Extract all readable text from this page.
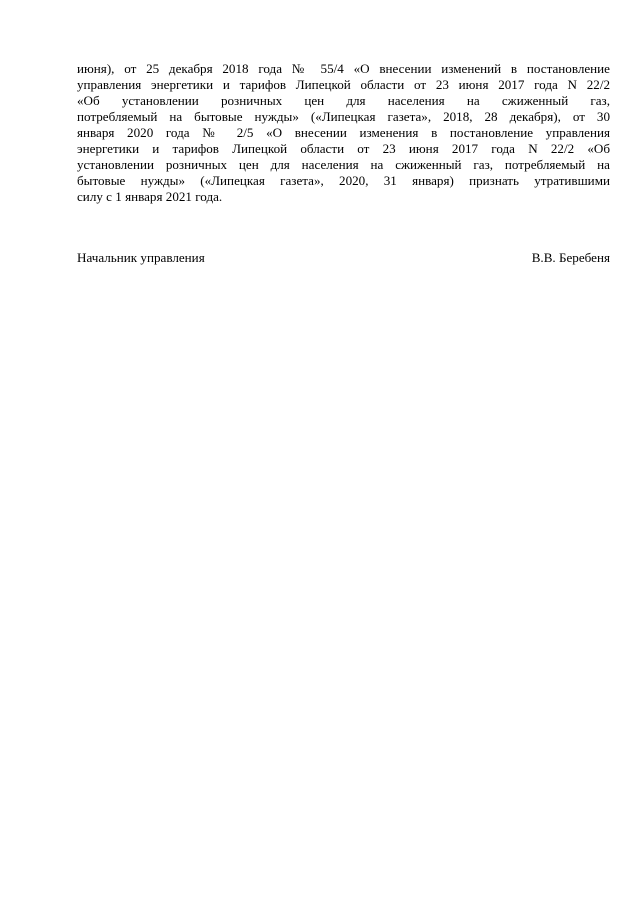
июня), от 25 декабря 2018 года № 55/4 «О внесении изменений в постановление
управления энергетики и тарифов Липецкой области от 23 июня 2017 года N 22/2
«Об установлении розничных цен для населения на сжиженный газ,
потребляемый на бытовые нужды» («Липецкая газета», 2018, 28 декабря), от 30
января 2020 года № 2/5 «О внесении изменения в постановление управления
энергетики и тарифов Липецкой области от 23 июня 2017 года N 22/2 «Об
установлении розничных цен для населения на сжиженный газ, потребляемый на
бытовые нужды» («Липецкая газета», 2020, 31 января) признать утратившими
силу с 1 января 2021 года.
Начальник управления	В.В. Беребеня
